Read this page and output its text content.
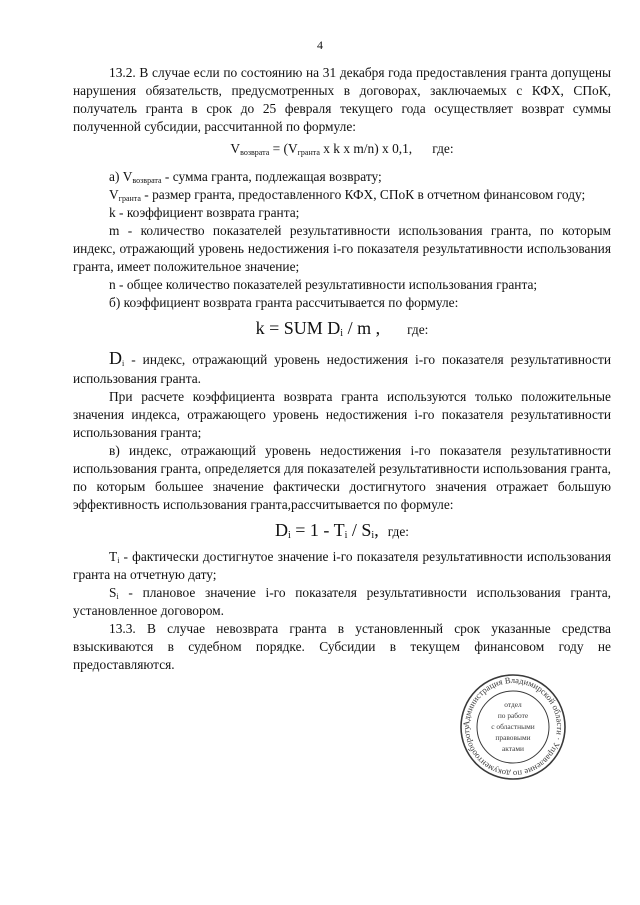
4

13.2. В случае если по состоянию на 31 декабря года предоставления гранта допущены нарушения обязательств, предусмотренных в договорах, заключаемых с КФХ, СПоК, получатель гранта в срок до 25 февраля текущего года осуществляет возврат суммы полученной субсидии, рассчитанной по формуле:

$V_{возврата} = (V_{гранта}$ x k x m/n) x 0,1, где:

а) $V_{возврата}$ - сумма гранта, подлежащая возврату;

$V_{гранта}$ - размер гранта, предоставленного КФХ, СПоК в отчетном финансовом году;

k - коэффициент возврата гранта;

m - количество показателей результативности использования гранта, по которым индекс, отражающий уровень недостижения i-го показателя результативности использования гранта, имеет положительное значение;

n - общее количество показателей результативности использования гранта;

б) коэффициент возврата гранта рассчитывается по формуле:

k = SUM $D_i$ / m , где:

$D_i$ - индекс, отражающий уровень недостижения i-го показателя результативности использования гранта.

При расчете коэффициента возврата гранта используются только положительные значения индекса, отражающего уровень недостижения i-го показателя результативности использования гранта;

в) индекс, отражающий уровень недостижения i-го показателя результативности использования гранта, определяется для показателей результативности использования гранта, по которым большее значение фактически достигнутого значения отражает большую эффективность использования гранта,рассчитывается по формуле:

$D_i = 1 - T_i / S_i$, где:

$T_i$ - фактически достигнутое значение i-го показателя результативности использования гранта на отчетную дату;

$S_i$ - плановое значение i-го показателя результативности использования гранта, установленное договором.

13.3. В случае невозврата гранта в установленный срок указанные средства взыскиваются в судебном порядке. Субсидии в текущем финансовом году не предоставляются.

Администрация Владимирской области · Управление по документообороту
отдел
по работе
с областными
правовыми
актами
